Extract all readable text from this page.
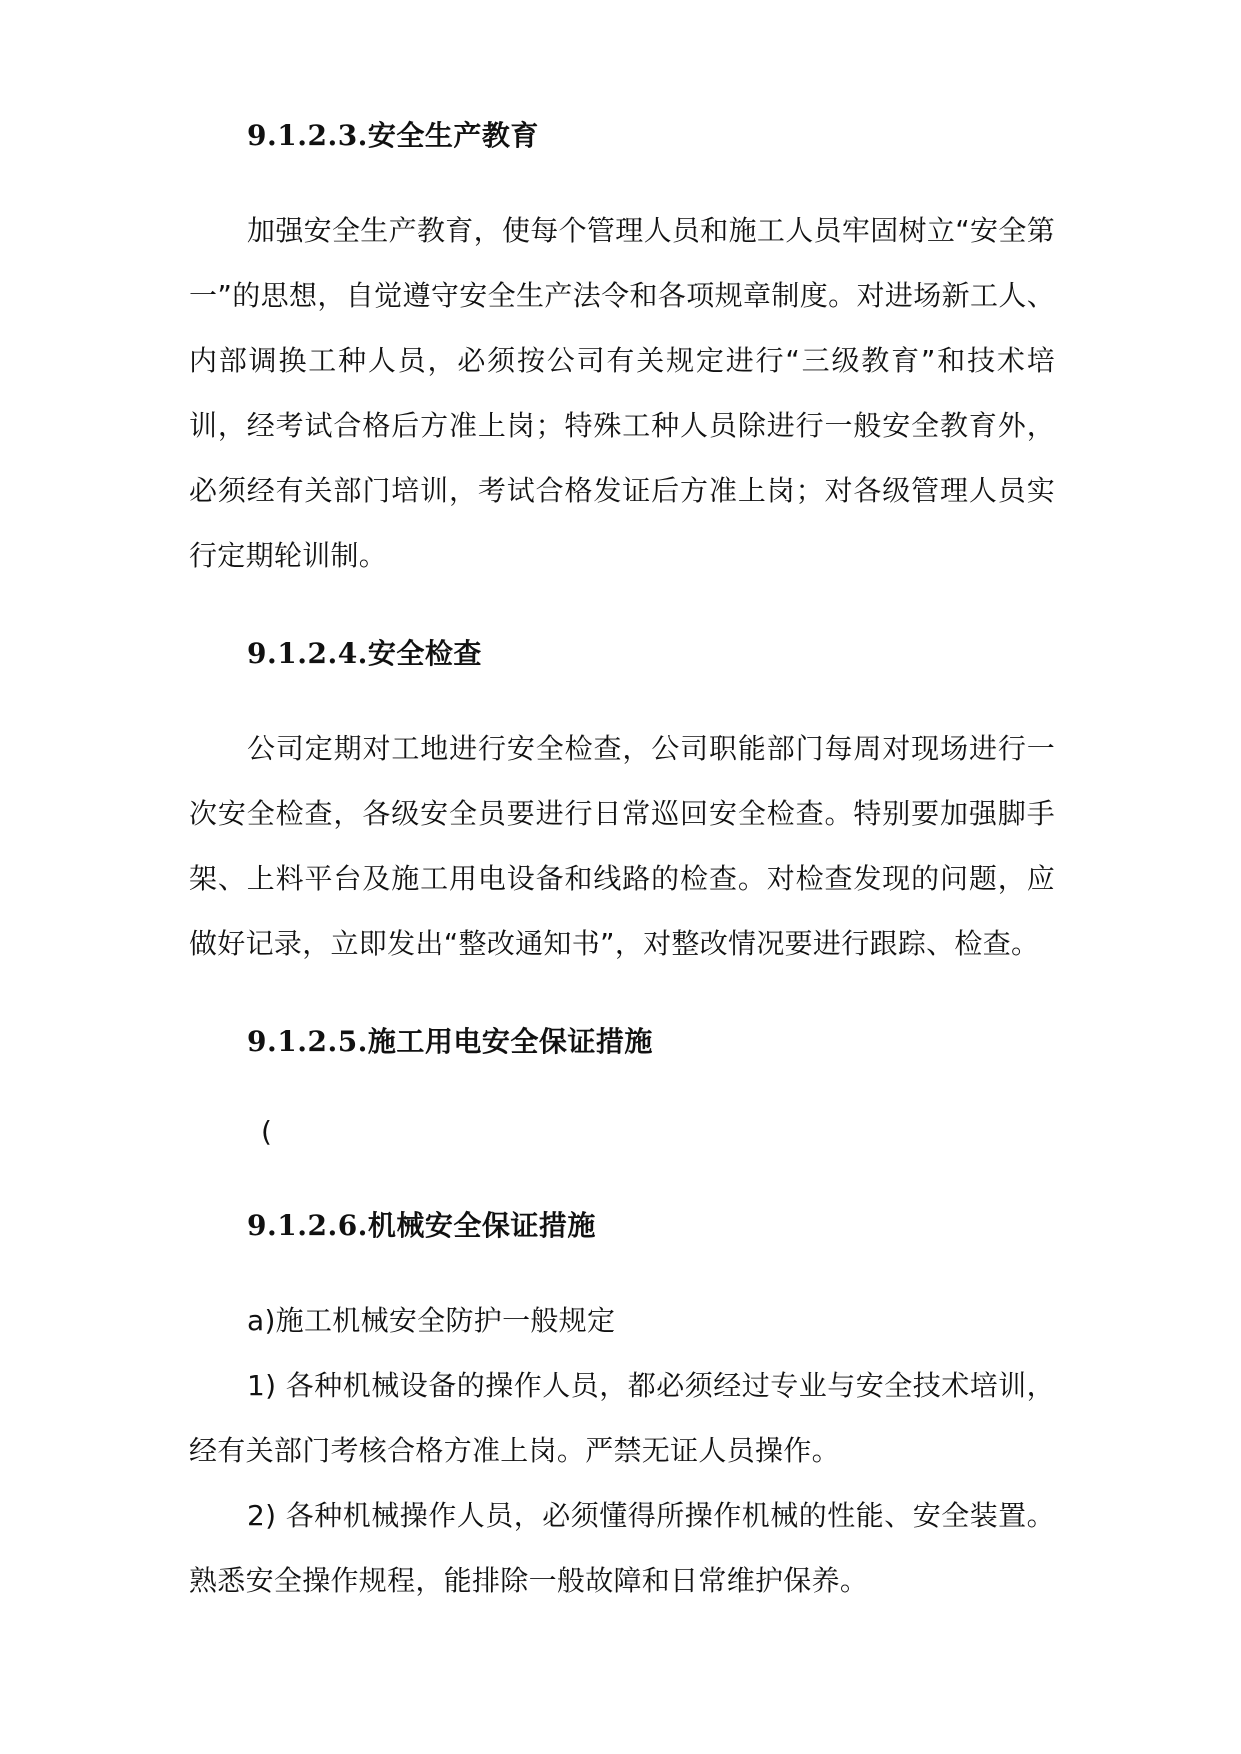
9.1.2.3.安全生产教育

加强安全生产教育，使每个管理人员和施工人员牢固树立“安全第一”的思想，自觉遵守安全生产法令和各项规章制度。对进场新工人、内部调换工种人员，必须按公司有关规定进行“三级教育”和技术培训，经考试合格后方准上岗；特殊工种人员除进行一般安全教育外，必须经有关部门培训，考试合格发证后方准上岗；对各级管理人员实行定期轮训制。

9.1.2.4.安全检查

公司定期对工地进行安全检查，公司职能部门每周对现场进行一次安全检查，各级安全员要进行日常巡回安全检查。特别要加强脚手架、上料平台及施工用电设备和线路的检查。对检查发现的问题，应做好记录，立即发出“整改通知书”，对整改情况要进行跟踪、检查。

9.1.2.5.施工用电安全保证措施

(

9.1.2.6.机械安全保证措施

a)施工机械安全防护一般规定

1) 各种机械设备的操作人员，都必须经过专业与安全技术培训，经有关部门考核合格方准上岗。严禁无证人员操作。

2) 各种机械操作人员，必须懂得所操作机械的性能、安全装置。熟悉安全操作规程，能排除一般故障和日常维护保养。
